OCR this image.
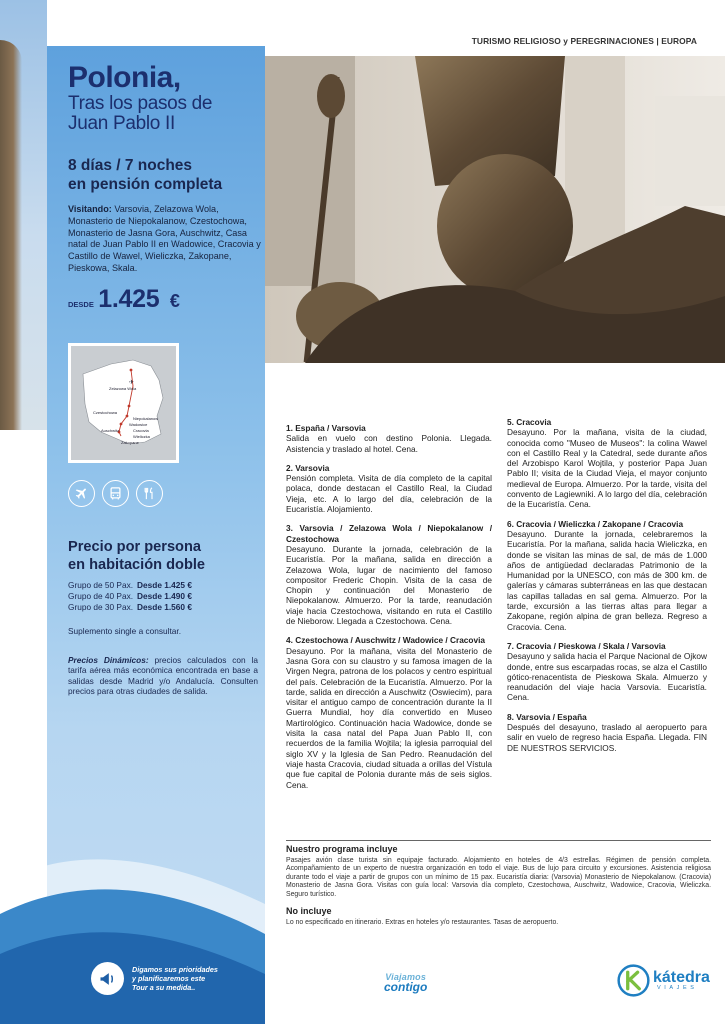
TURISMO RELIGIOSO y PEREGRINACIONES | EUROPA
Polonia,
Tras los pasos de
Juan Pablo II
8 días / 7 noches
en pensión completa
Visitando: Varsovia, Zelazowa Wola, Monasterio de Niepokalanow, Czestochowa, Monasterio de Jasna Gora, Auschwitz, Casa natal de Juan Pablo II en Wadowice, Cracovia y Castillo de Wawel, Wieliczka, Zakopane, Pieskowa, Skala.
DESDE 1.425 €
Zelazowa Wola
Czestochowa
Auschwitz
Wadowice
Niepokalanow
Cracovia
Wieliczka
Zakopane
✈
Precio por persona
en habitación doble
Grupo de 50 Pax. Desde 1.425 €
Grupo de 40 Pax. Desde 1.490 €
Grupo de 30 Pax. Desde 1.560 €
Suplemento single a consultar.
Precios Dinámicos: precios calculados con la tarifa aérea más económica encontrada en base a salidas desde Madrid y/o Andalucía. Consulten precios para otras ciudades de salida.
Digamos sus prioridades
y planificaremos este
Tour a su medida..
1. España / Varsovia
Salida en vuelo con destino Polonia. Llegada. Asistencia y traslado al hotel. Cena.
2. Varsovia
Pensión completa. Visita de día completo de la capital polaca, donde destacan el Castillo Real, la Ciudad Vieja, etc. A lo largo del día, celebración de la Eucaristía. Alojamiento.
3. Varsovia / Zelazowa Wola / Niepokalanow / Czestochowa
Desayuno. Durante la jornada, celebración de la Eucaristía. Por la mañana, salida en dirección a Zelazowa Wola, lugar de nacimiento del famoso compositor Frederic Chopin. Visita de la casa de Chopin y continuación del Monasterio de Niepokalanow. Almuerzo. Por la tarde, reanudación viaje hacia Czestochowa, visitando en ruta el Castillo de Nieborow. Llegada a Czestochowa. Cena.
4. Czestochowa / Auschwitz / Wadowice / Cracovia
Desayuno. Por la mañana, visita del Monasterio de Jasna Gora con su claustro y su famosa imagen de la Virgen Negra, patrona de los polacos y centro espiritual del país. Celebración de la Eucaristía. Almuerzo. Por la tarde, salida en dirección a Auschwitz (Oswiecim), para visitar el antiguo campo de concentración durante la II Guerra Mundial, hoy día convertido en Museo Martirológico. Continuación hacia Wadowice, donde se visita la casa natal del Papa Juan Pablo II, con recuerdos de la familia Wojtila; la iglesia parroquial del siglo XV y la Iglesia de San Pedro. Reanudación del viaje hasta Cracovia, ciudad situada a orillas del Vístula que fue capital de Polonia durante más de seis siglos. Cena.
5. Cracovia
Desayuno. Por la mañana, visita de la ciudad, conocida como "Museo de Museos": la colina Wawel con el Castillo Real y la Catedral, sede durante años del Arzobispo Karol Wojtila, y posterior Papa Juan Pablo II; visita de la Ciudad Vieja, el mayor conjunto medieval de Europa. Almuerzo. Por la tarde, visita del convento de Lagiewniki. A lo largo del día, celebración de la Eucaristía. Cena.
6. Cracovia / Wieliczka / Zakopane / Cracovia
Desayuno. Durante la jornada, celebraremos la Eucaristía. Por la mañana, salida hacia Wieliczka, en donde se visitan las minas de sal, de más de 1.000 años de antigüedad declaradas Patrimonio de la Humanidad por la UNESCO, con más de 300 km. de galerías y cámaras subterráneas en las que destacan las capillas talladas en sal gema. Almuerzo. Por la tarde, excursión a las tierras altas para llegar a Zakopane, región alpina de gran belleza. Regreso a Cracovia. Cena.
7. Cracovia / Pieskowa / Skala / Varsovia
Desayuno y salida hacia el Parque Nacional de Ojkow donde, entre sus escarpadas rocas, se alza el Castillo gótico-renacentista de Pieskowa Skala. Almuerzo y reanudación del viaje hacia Varsovia. Eucaristía. Cena.
8. Varsovia / España
Después del desayuno, traslado al aeropuerto para salir en vuelo de regreso hacia España. Llegada. FIN DE NUESTROS SERVICIOS.
Nuestro programa incluye

Pasajes avión clase turista sin equipaje facturado. Alojamiento en hoteles de 4/3 estrellas. Régimen de pensión completa. Acompañamiento de un experto de nuestra organización en todo el viaje. Bus de lujo para circuito y excursiones. Asistencia religiosa durante todo el viaje a partir de grupos con un mínimo de 15 pax. Eucaristía diaria: (Varsovia) Monasterio de Niepokalanow. (Cracovia) Monasterio de Jasna Gora. Visitas con guía local: Varsovia día completo, Czestochowa, Auschwitz, Wadowice, Cracovia, Wieliczka. Seguro turístico.

No incluye

Lo no especificado en itinerario. Extras en hoteles y/o restaurantes. Tasas de aeropuerto.

Viajamos
contigo
kátedra
VIAJES
